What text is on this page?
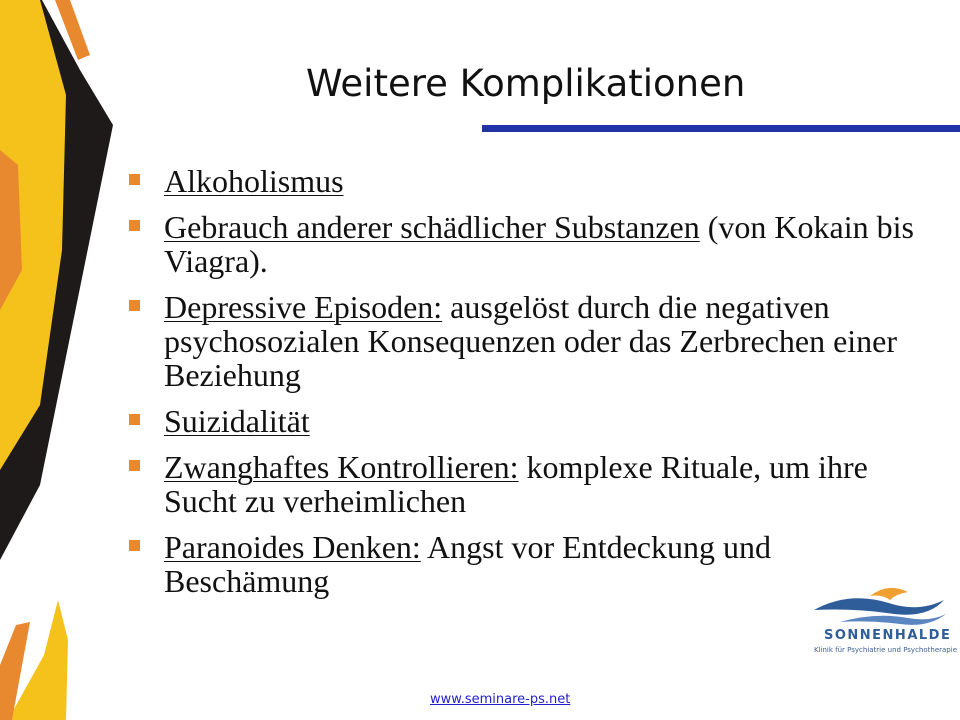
Weitere Komplikationen
Alkoholismus
Gebrauch anderer schädlicher Substanzen (von Kokain bis Viagra).
Depressive Episoden: ausgelöst durch die negativen psychosozialen Konsequenzen oder das Zerbrechen einer Beziehung
Suizidalität
Zwanghaftes Kontrollieren: komplexe Rituale, um ihre Sucht zu verheimlichen
Paranoides Denken: Angst vor Entdeckung und Beschämung

SONNENHALDE

Klinik für Psychiatrie und Psychotherapie

www.seminare-ps.net
